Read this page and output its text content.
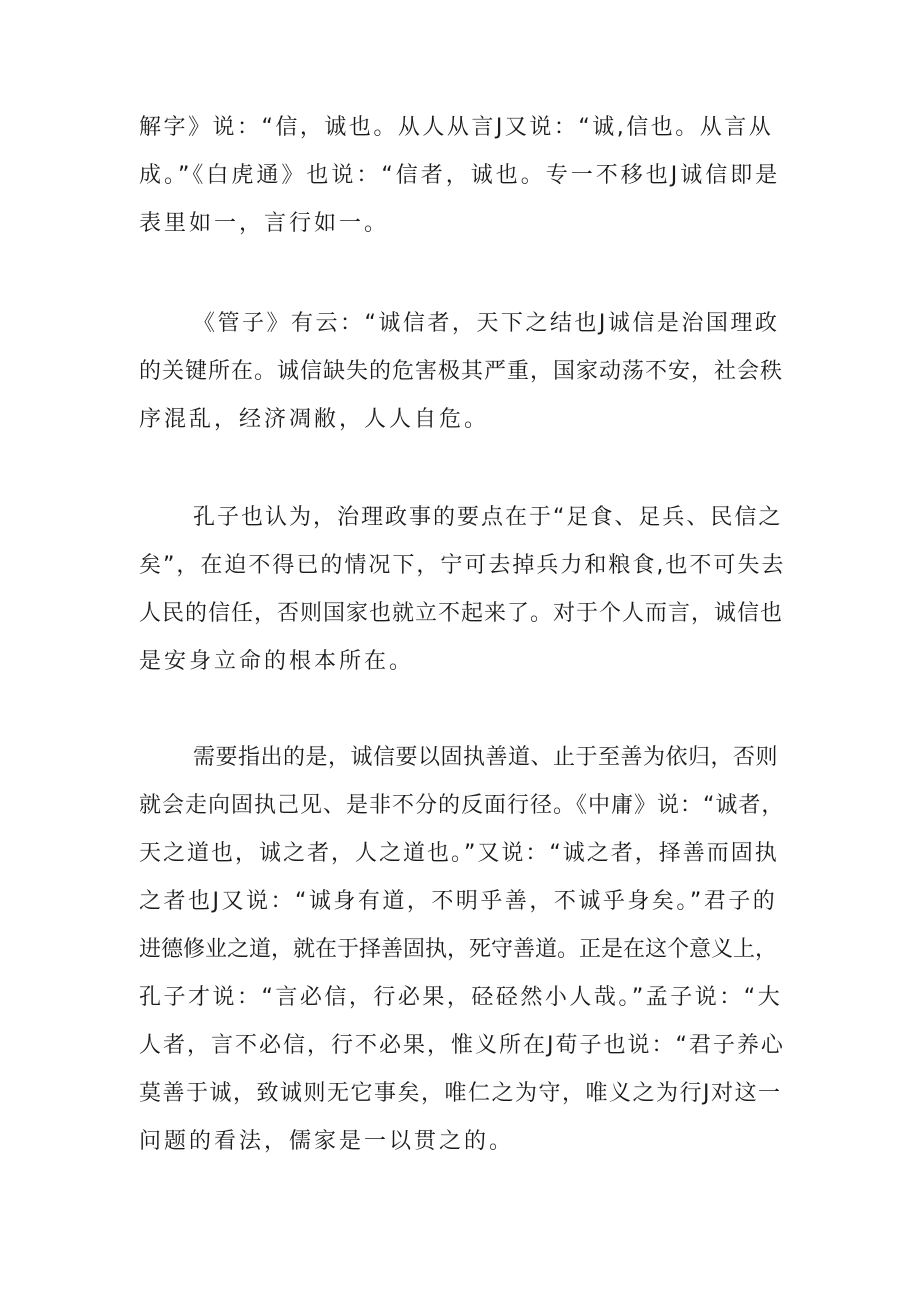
解字》说：“信，诚也。从人从言J又说：“诚,信也。从言从
成。”《白虎通》也说：“信者，诚也。专一不移也J诚信即是
表里如一，言行如一。

《管子》有云：“诚信者，天下之结也J诚信是治国理政
的关键所在。诚信缺失的危害极其严重，国家动荡不安，社会秩
序混乱，经济凋敝，人人自危。

孔子也认为，治理政事的要点在于“足食、足兵、民信之
矣”，在迫不得已的情况下，宁可去掉兵力和粮食,也不可失去
人民的信任，否则国家也就立不起来了。对于个人而言，诚信也
是安身立命的根本所在。

需要指出的是，诚信要以固执善道、止于至善为依归，否则
就会走向固执己见、是非不分的反面行径。《中庸》说：“诚者，
天之道也，诚之者，人之道也。”又说：“诚之者，择善而固执
之者也J又说：“诚身有道，不明乎善，不诚乎身矣。”君子的
进德修业之道，就在于择善固执，死守善道。正是在这个意义上，
孔子才说：“言必信，行必果，硁硁然小人哉。”孟子说：“大
人者，言不必信，行不必果，惟义所在J荀子也说：“君子养心
莫善于诚，致诚则无它事矣，唯仁之为守，唯义之为行J对这一
问题的看法，儒家是一以贯之的。
